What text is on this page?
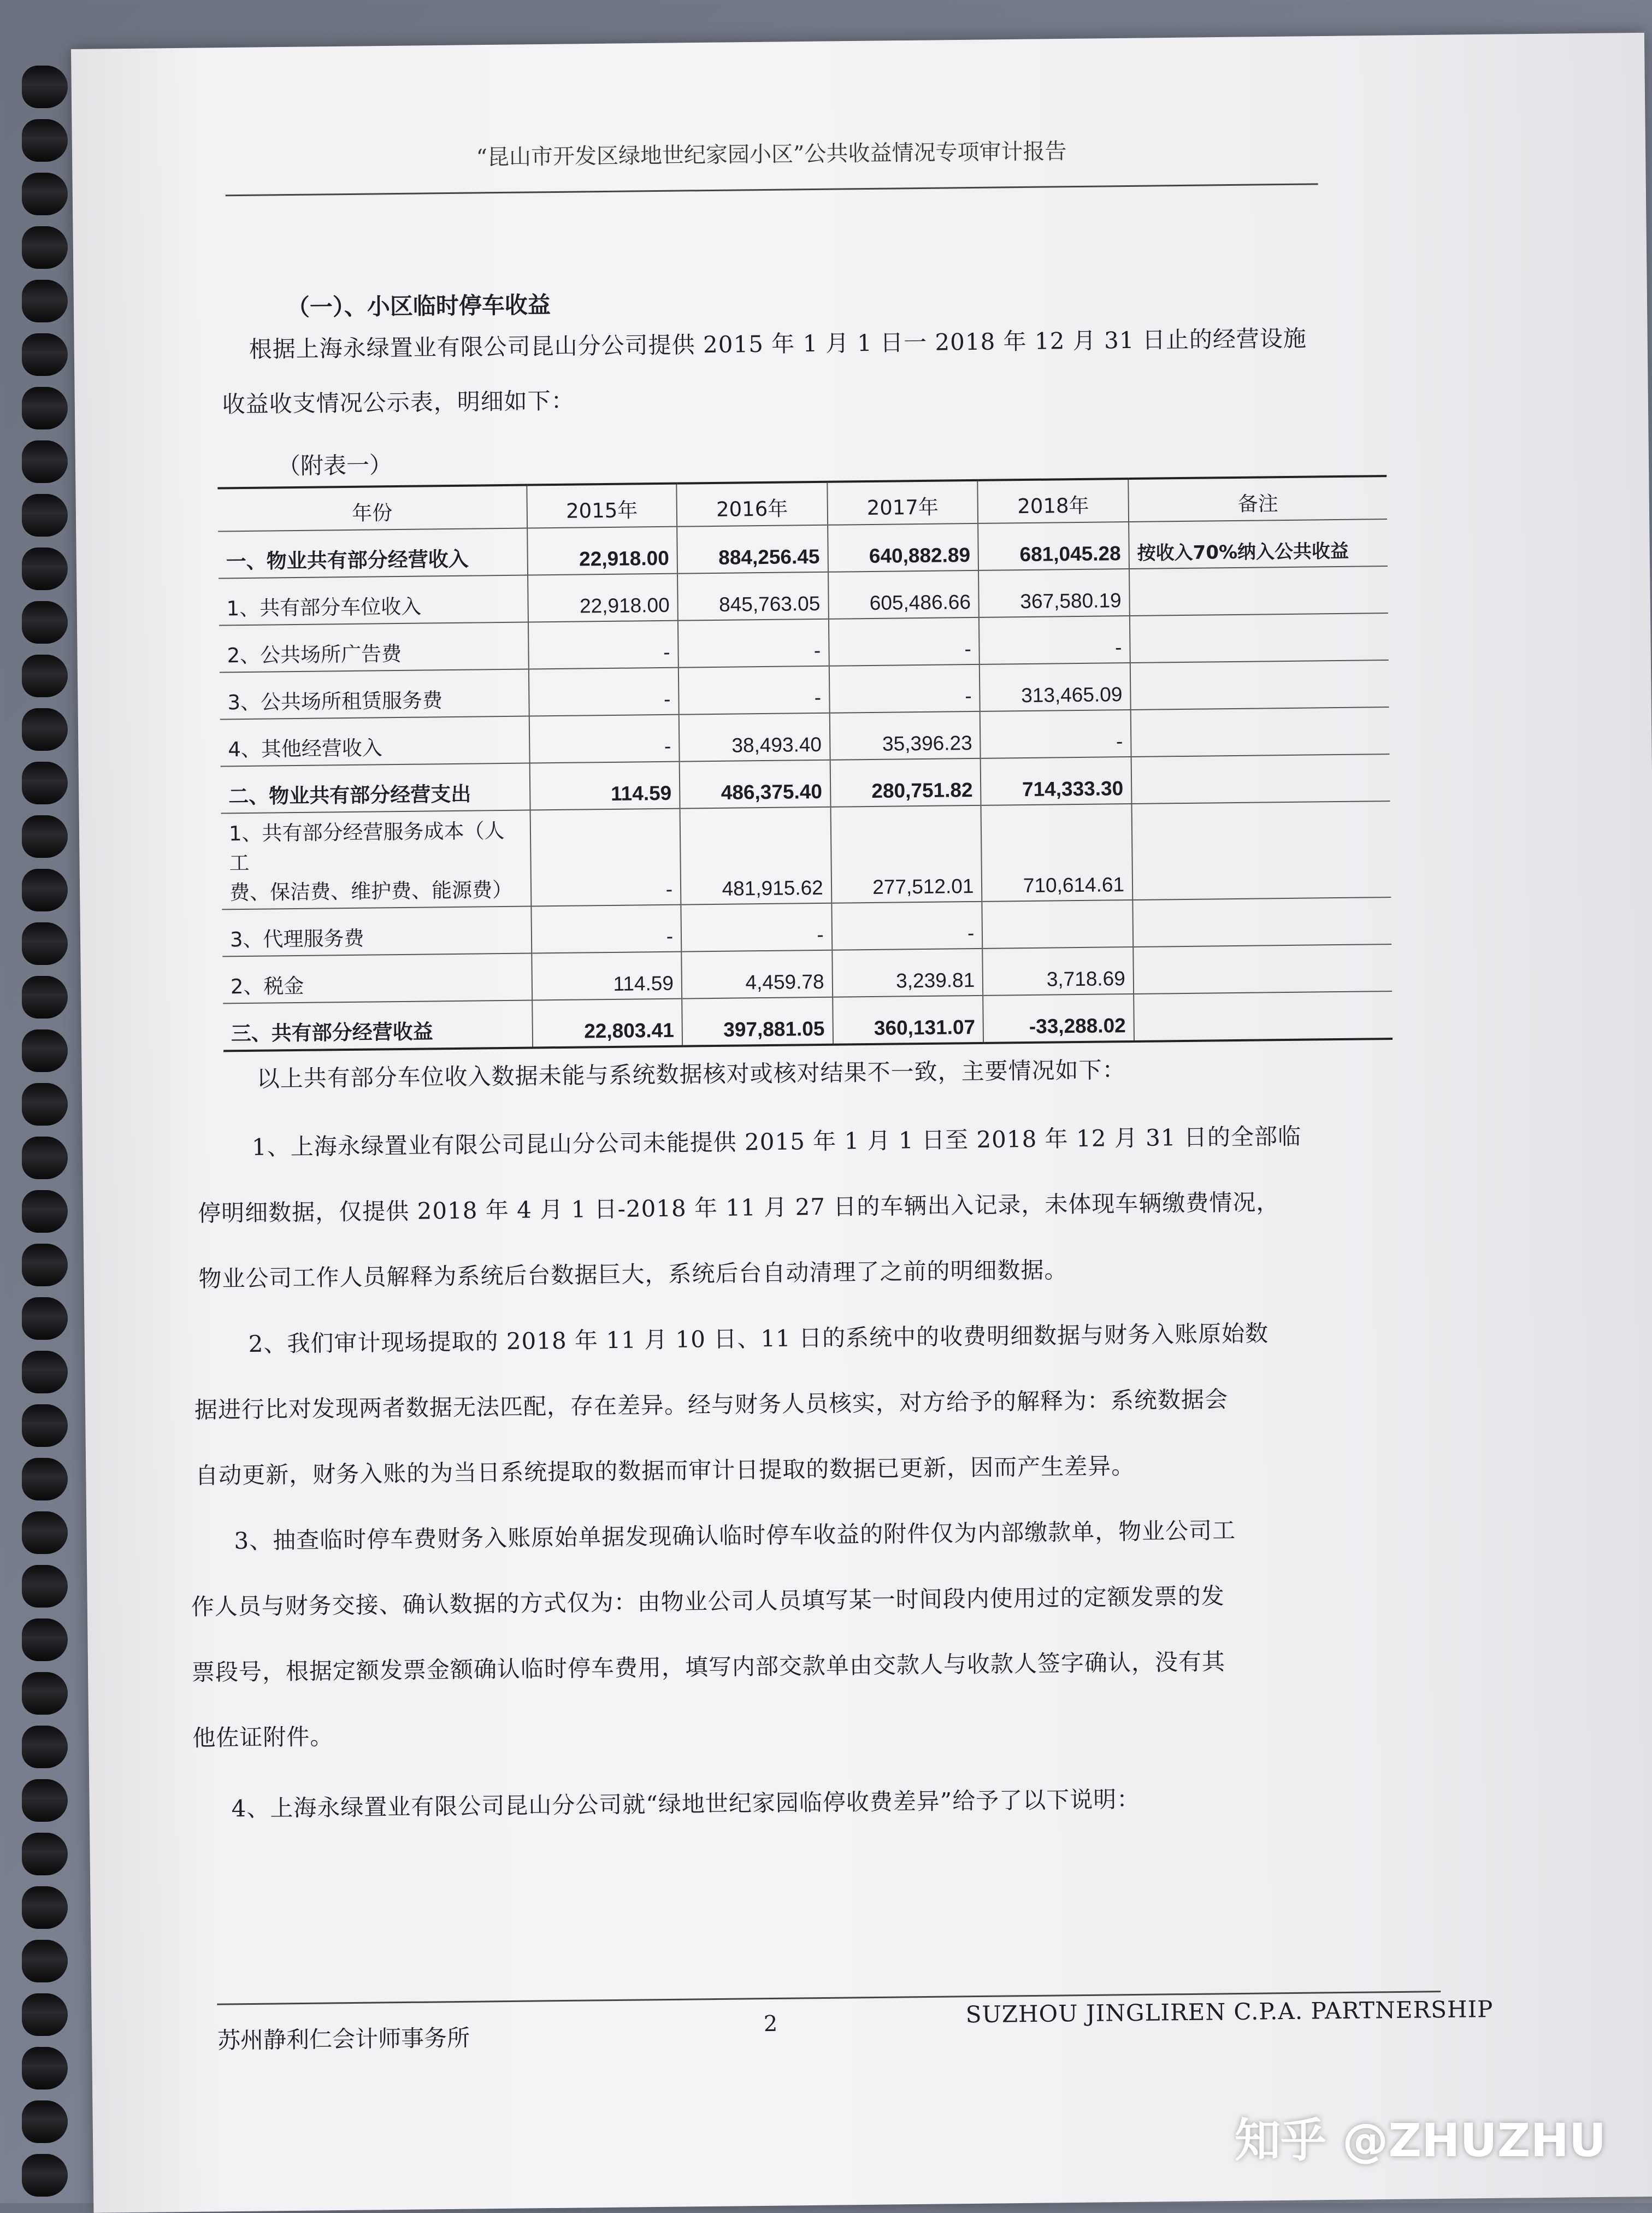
“昆山市开发区绿地世纪家园小区”公共收益情况专项审计报告
（一）、小区临时停车收益
根据上海永绿置业有限公司昆山分公司提供 2015 年 1 月 1 日一 2018 年 12 月 31 日止的经营设施
收益收支情况公示表，明细如下：
（附表一）
年份	2015年	2016年	2017年	2018年	备注
一、物业共有部分经营收入	22,918.00	884,256.45	640,882.89	681,045.28	按收入70%纳入公共收益
1、共有部分车位收入	22,918.00	845,763.05	605,486.66	367,580.19	
2、公共场所广告费	-	-	-	-	
3、公共场所租赁服务费	-	-	-	313,465.09	
4、其他经营收入	-	38,493.40	35,396.23	-	
二、物业共有部分经营支出	114.59	486,375.40	280,751.82	714,333.30	

1、共有部分经营服务成本（人工
费、保洁费、维护费、能源费）	-	481,915.62	277,512.01	710,614.61	
3、代理服务费	-	-	-		
2、税金	114.59	4,459.78	3,239.81	3,718.69	
三、共有部分经营收益	22,803.41	397,881.05	360,131.07	-33,288.02	
以上共有部分车位收入数据未能与系统数据核对或核对结果不一致，主要情况如下：
1、上海永绿置业有限公司昆山分公司未能提供 2015 年 1 月 1 日至 2018 年 12 月 31 日的全部临
停明细数据，仅提供 2018 年 4 月 1 日-2018 年 11 月 27 日的车辆出入记录，未体现车辆缴费情况，
物业公司工作人员解释为系统后台数据巨大，系统后台自动清理了之前的明细数据。
2、我们审计现场提取的 2018 年 11 月 10 日、11 日的系统中的收费明细数据与财务入账原始数
据进行比对发现两者数据无法匹配，存在差异。经与财务人员核实，对方给予的解释为：系统数据会
自动更新，财务入账的为当日系统提取的数据而审计日提取的数据已更新，因而产生差异。
3、抽查临时停车费财务入账原始单据发现确认临时停车收益的附件仅为内部缴款单，物业公司工
作人员与财务交接、确认数据的方式仅为：由物业公司人员填写某一时间段内使用过的定额发票的发
票段号，根据定额发票金额确认临时停车费用，填写内部交款单由交款人与收款人签字确认，没有其
他佐证附件。
4、上海永绿置业有限公司昆山分公司就“绿地世纪家园临停收费差异”给予了以下说明：
苏州静利仁会计师事务所
2	SUZHOU JINGLIREN C.P.A. PARTNERSHIP
知乎 @ZHUZHU
